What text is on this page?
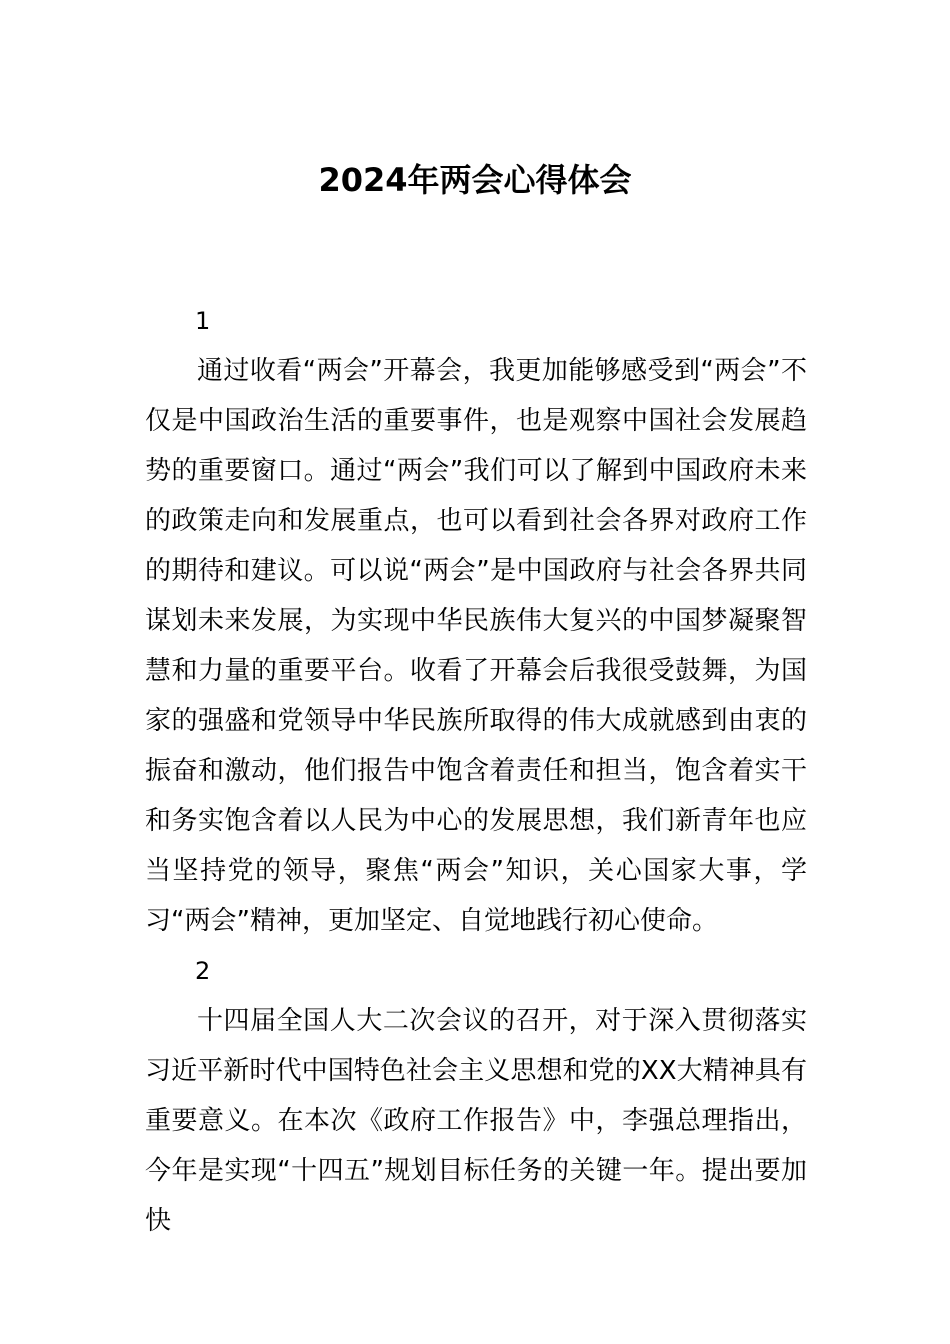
2024年两会心得体会
1

通过收看“两会”开幕会，我更加能够感受到“两会”不仅是中国政治生活的重要事件，也是观察中国社会发展趋势的重要窗口。通过“两会”我们可以了解到中国政府未来的政策走向和发展重点，也可以看到社会各界对政府工作的期待和建议。可以说“两会”是中国政府与社会各界共同谋划未来发展，为实现中华民族伟大复兴的中国梦凝聚智慧和力量的重要平台。收看了开幕会后我很受鼓舞，为国家的强盛和党领导中华民族所取得的伟大成就感到由衷的振奋和激动，他们报告中饱含着责任和担当，饱含着实干和务实饱含着以人民为中心的发展思想，我们新青年也应当坚持党的领导，聚焦“两会”知识，关心国家大事，学习“两会”精神，更加坚定、自觉地践行初心使命。

2

十四届全国人大二次会议的召开，对于深入贯彻落实习近平新时代中国特色社会主义思想和党的XX大精神具有重要意义。在本次《政府工作报告》中，李强总理指出，今年是实现“十四五”规划目标任务的关键一年。提出要加快
